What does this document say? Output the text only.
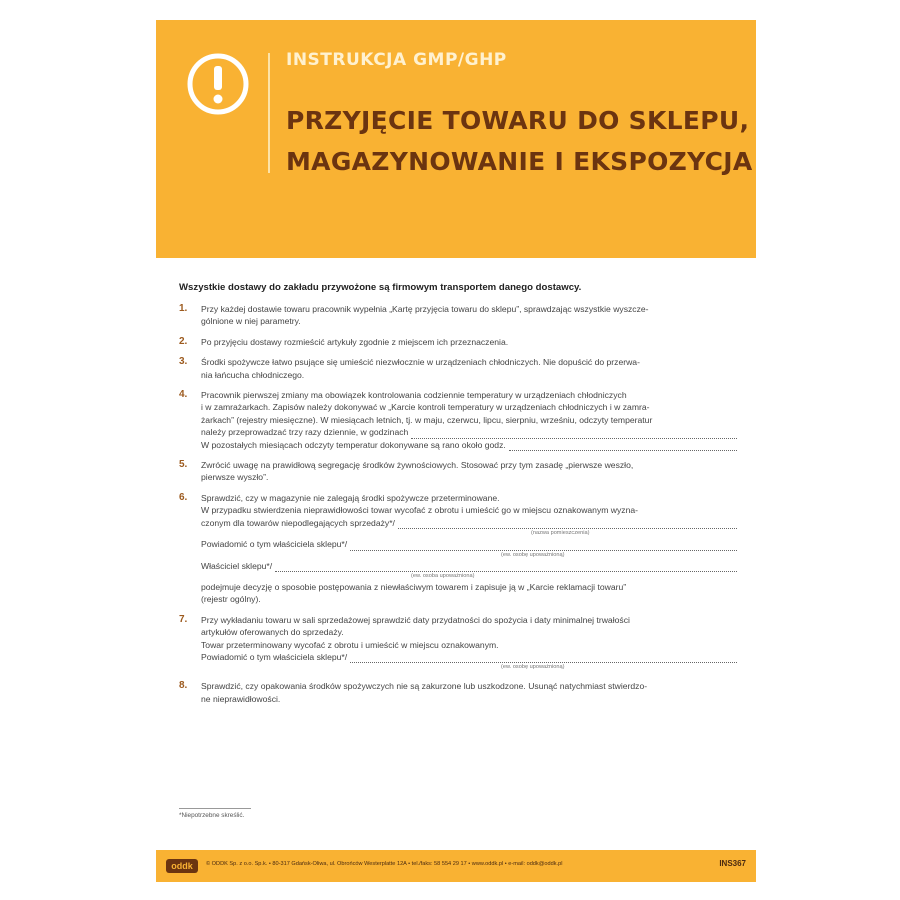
INSTRUKCJA GMP/GHP
PRZYJĘCIE TOWARU DO SKLEPU,
MAGAZYNOWANIE I EKSPOZYCJA
Wszystkie dostawy do zakładu przywożone są firmowym transportem danego dostawcy.
1. Przy każdej dostawie towaru pracownik wypełnia „Kartę przyjęcia towaru do sklepu”, sprawdzając wszystkie wyszcze-
gólnione w niej parametry.
2. Po przyjęciu dostawy rozmieścić artykuły zgodnie z miejscem ich przeznaczenia.
3. Środki spożywcze łatwo psujące się umieścić niezwłocznie w urządzeniach chłodniczych. Nie dopuścić do przerwa-
nia łańcucha chłodniczego.
4. Pracownik pierwszej zmiany ma obowiązek kontrolowania codziennie temperatury w urządzeniach chłodniczych
i w zamrażarkach. Zapisów należy dokonywać w „Karcie kontroli temperatury w urządzeniach chłodniczych i w zamra-
żarkach” (rejestry miesięczne). W miesiącach letnich, tj. w maju, czerwcu, lipcu, sierpniu, wrześniu, odczyty temperatur
należy przeprowadzać trzy razy dziennie, w godzinach
W pozostałych miesiącach odczyty temperatur dokonywane są rano około godz.
5. Zwrócić uwagę na prawidłową segregację środków żywnościowych. Stosować przy tym zasadę „pierwsze weszło,
pierwsze wyszło”.
6. Sprawdzić, czy w magazynie nie zalegają środki spożywcze przeterminowane.
W przypadku stwierdzenia nieprawidłowości towar wycofać z obrotu i umieścić go w miejscu oznakowanym wyzna-
czonym dla towarów niepodlegających sprzedaży*/
(nazwa pomieszczenia)
Powiadomić o tym właściciela sklepu*/
(ew. osobę upoważnioną)
Właściciel sklepu*/
(ew. osoba upoważniona)
podejmuje decyzję o sposobie postępowania z niewłaściwym towarem i zapisuje ją w „Karcie reklamacji towaru”
(rejestr ogólny).
7. Przy wykładaniu towaru w sali sprzedażowej sprawdzić daty przydatności do spożycia i daty minimalnej trwałości
artykułów oferowanych do sprzedaży.
Towar przeterminowany wycofać z obrotu i umieścić w miejscu oznakowanym.
Powiadomić o tym właściciela sklepu*/
(ew. osobę upoważnioną)
8. Sprawdzić, czy opakowania środków spożywczych nie są zakurzone lub uszkodzone. Usunąć natychmiast stwierdzo-
ne nieprawidłowości.
*Niepotrzebne skreślić.
oddk	© ODDK Sp. z o.o. Sp.k. • 80-317 Gdańsk-Oliwa, ul. Obrońców Westerplatte 12A • tel./faks: 58 554 29 17 • www.oddk.pl • e-mail: oddk@oddk.pl	INS367
